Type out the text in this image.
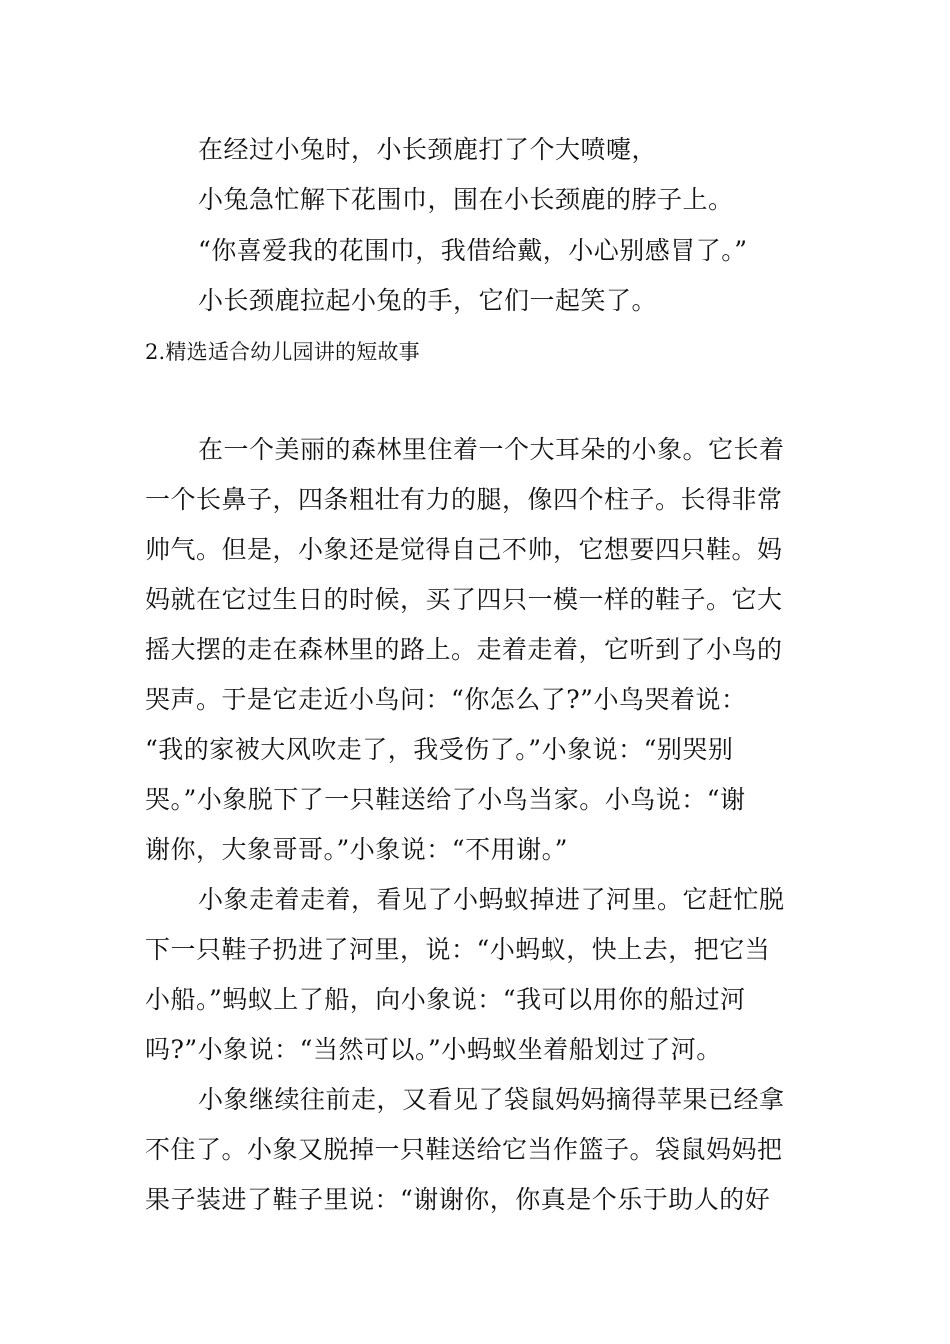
在经过小兔时，小长颈鹿打了个大喷嚏，
小兔急忙解下花围巾，围在小长颈鹿的脖子上。
“你喜爱我的花围巾，我借给戴，小心别感冒了。”
小长颈鹿拉起小兔的手，它们一起笑了。
2.精选适合幼儿园讲的短故事
在一个美丽的森林里住着一个大耳朵的小象。它长着
一个长鼻子，四条粗壮有力的腿，像四个柱子。长得非常
帅气。但是，小象还是觉得自己不帅，它想要四只鞋。妈
妈就在它过生日的时候，买了四只一模一样的鞋子。它大
摇大摆的走在森林里的路上。走着走着，它听到了小鸟的
哭声。于是它走近小鸟问：“你怎么了?”小鸟哭着说：
“我的家被大风吹走了，我受伤了。”小象说：“别哭别
哭。”小象脱下了一只鞋送给了小鸟当家。小鸟说：“谢
谢你，大象哥哥。”小象说：“不用谢。”
小象走着走着，看见了小蚂蚁掉进了河里。它赶忙脱
下一只鞋子扔进了河里，说：“小蚂蚁，快上去，把它当
小船。”蚂蚁上了船，向小象说：“我可以用你的船过河
吗?”小象说：“当然可以。”小蚂蚁坐着船划过了河。
小象继续往前走，又看见了袋鼠妈妈摘得苹果已经拿
不住了。小象又脱掉一只鞋送给它当作篮子。袋鼠妈妈把
果子装进了鞋子里说：“谢谢你，你真是个乐于助人的好
